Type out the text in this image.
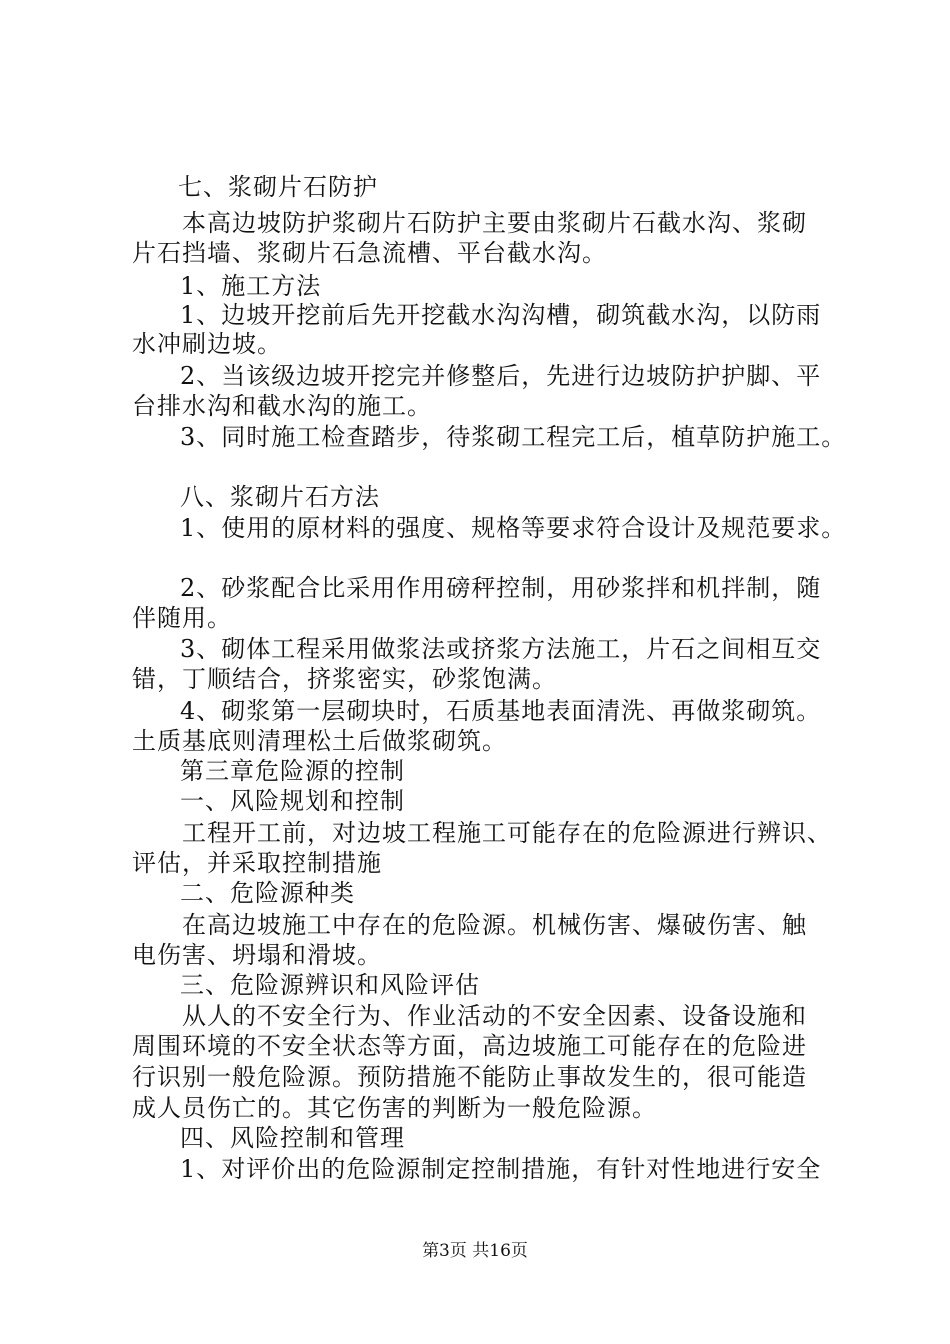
七、浆砌片石防护
本高边坡防护浆砌片石防护主要由浆砌片石截水沟、浆砌
片石挡墙、浆砌片石急流槽、平台截水沟。
1、施工方法
1、边坡开挖前后先开挖截水沟沟槽，砌筑截水沟，以防雨
水冲刷边坡。
2、当该级边坡开挖完并修整后，先进行边坡防护护脚、平
台排水沟和截水沟的施工。
3、同时施工检查踏步，待浆砌工程完工后，植草防护施工。
八、浆砌片石方法
1、使用的原材料的强度、规格等要求符合设计及规范要求。
2、砂浆配合比采用作用磅秤控制，用砂浆拌和机拌制，随
伴随用。
3、砌体工程采用做浆法或挤浆方法施工，片石之间相互交
错，丁顺结合，挤浆密实，砂浆饱满。
4、砌浆第一层砌块时，石质基地表面清洗、再做浆砌筑。
土质基底则清理松土后做浆砌筑。
第三章危险源的控制
一、风险规划和控制
工程开工前，对边坡工程施工可能存在的危险源进行辨识、
评估，并采取控制措施
二、危险源种类
在高边坡施工中存在的危险源。机械伤害、爆破伤害、触
电伤害、坍塌和滑坡。
三、危险源辨识和风险评估
从人的不安全行为、作业活动的不安全因素、设备设施和
周围环境的不安全状态等方面，高边坡施工可能存在的危险进
行识别一般危险源。预防措施不能防止事故发生的，很可能造
成人员伤亡的。其它伤害的判断为一般危险源。
四、风险控制和管理
1、对评价出的危险源制定控制措施，有针对性地进行安全
第3页 共16页
